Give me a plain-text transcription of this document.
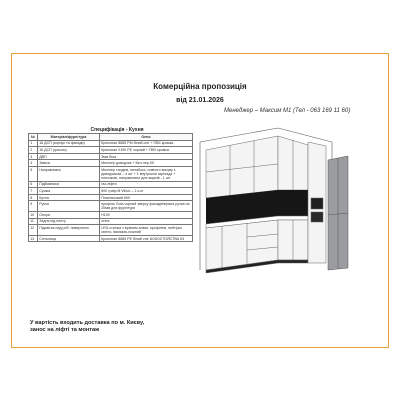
Комерційна пропозиція
від 21.01.2026
Менеджер – Максим М1 (Тел - 063 169 11 60)
Специфікація - Кухня
№	Матеріал/фурнітура	Опис
1	16 ДСП (корпус та фасади)	Кронопан 8685 PM білий сніг + ПВХ кромка
2	16 ДСП (цоколь)	Кронопан 0190 РЕ чорний + ПВХ кромка
3	ДВП	3мм біла
4	Завіси	Мюллер доводчик + Вкл.лер-05
5	Направляючі	Мюллер тандем, метабокс, повного висуву з доводчиком – 4 шт + 1 внутрішня шухляда + полозкові, направляючі для ящиків - 1 шт
6	Підйомники	газ-ліфти
7	Сушка	600 граф.бі Viboo – 1 к-кт
8	Кухня	Пластиковий 600
9	Ручки	профіль Gola чорний зверху фасадів/врізна ручка на 20мм для фурнітури
10	Опори	Н100
11	Задня під плиту	стіна
12	Підсвітка над роб. поверхнею	LED-стрічка з врізним алюм. профілем, нейтрал. світло, вимикач-ножний
13	Стільниця	Кронопан 8685 PЕ білий сніг БОКОСТОЙСТВА К3
У вартість входить доставка по м. Києву,
занос на ліфті та монтаж
